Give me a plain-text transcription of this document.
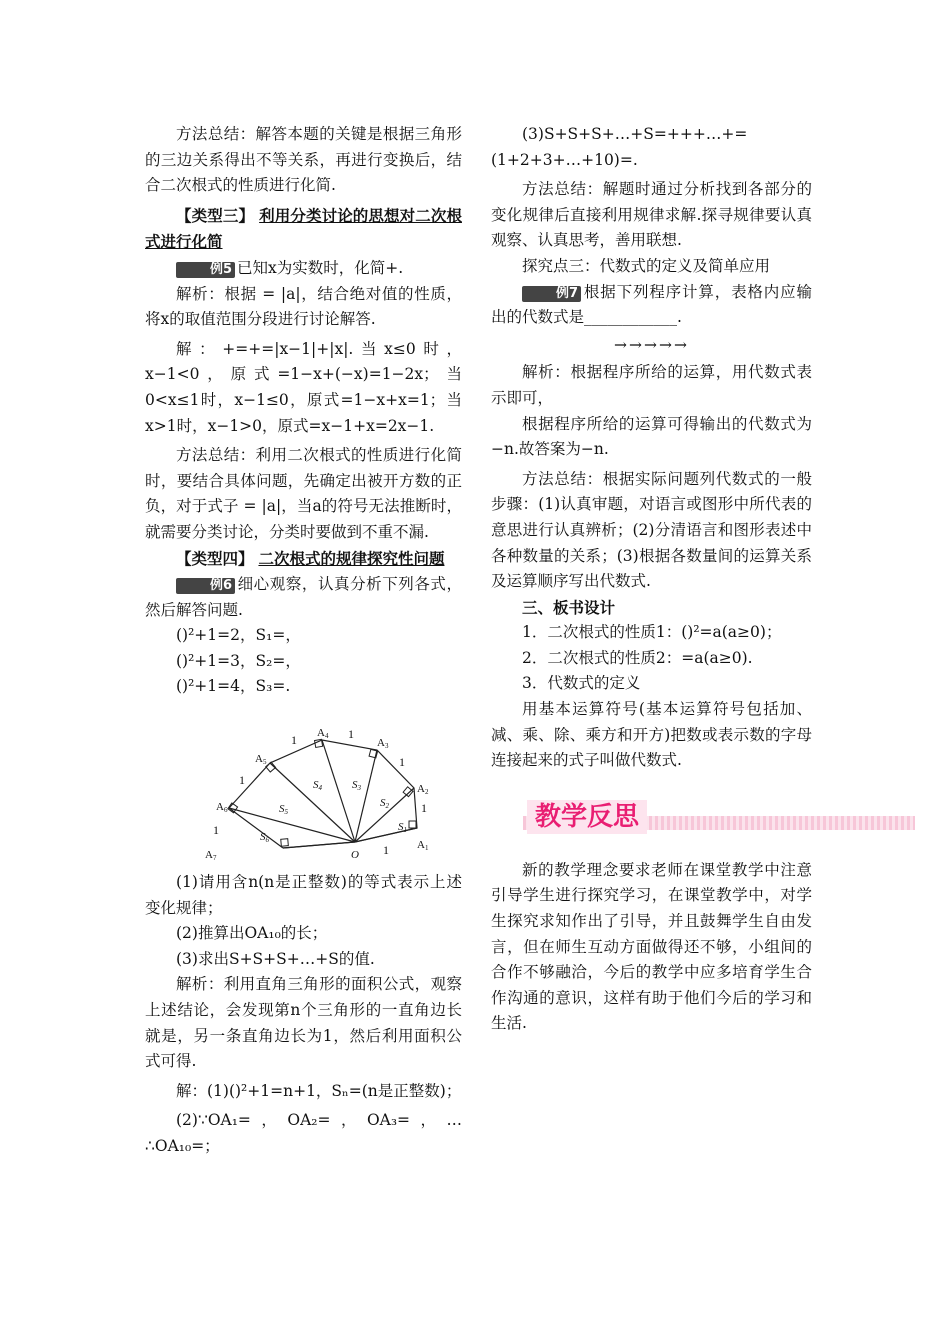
方法总结：解答本题的关键是根据三角形的三边关系得出不等关系，再进行变换后，结合二次根式的性质进行化简.

【类型三】 利用分类讨论的思想对二次根式进行化简

例5 已知x为实数时，化简+.

解析：根据 = |a|，结合绝对值的性质，将x的取值范围分段进行讨论解答.

解：+=+=|x−1|+|x|.当x≤0时，x−1<0，原式=1−x+(−x)=1−2x；当0<x≤1时，x−1≤0，原式=1−x+x=1；当x>1时，x−1>0，原式=x−1+x=2x−1.

方法总结：利用二次根式的性质进行化简时，要结合具体问题，先确定出被开方数的正负，对于式子 = |a|，当a的符号无法推断时，就需要分类讨论，分类时要做到不重不漏.

【类型四】 二次根式的规律探究性问题

例6 细心观察，认真分析下列各式，然后解答问题.

()²+1=2，S₁=，

()²+1=3，S₂=，

()²+1=4，S₃=.

A1
A2
A3
A4
A5
A6
A7	O
S1
S2
S3
S4
S5
S6
1
1
1
1
1
1
1

(1)请用含n(n是正整数)的等式表示上述变化规律；

(2)推算出OA₁₀的长；

(3)求出S+S+S+…+S的值.

解析：利用直角三角形的面积公式，观察上述结论，会发现第n个三角形的一直角边长就是，另一条直角边长为1，然后利用面积公式可得.

解：(1)()²+1=n+1，Sₙ=(n是正整数)；

(2)∵OA₁=，OA₂=，OA₃=，…∴OA₁₀=；

(3)S+S+S+…+S=+++…+=(1+2+3+…+10)=.

方法总结：解题时通过分析找到各部分的变化规律后直接利用规律求解.探寻规律要认真观察、认真思考，善用联想.

探究点三：代数式的定义及简单应用

例7 根据下列程序计算，表格内应输出的代数式是____________.

→→→→→

解析：根据程序所给的运算，用代数式表示即可，

根据程序所给的运算可得输出的代数式为−n.故答案为−n.

方法总结：根据实际问题列代数式的一般步骤：(1)认真审题，对语言或图形中所代表的意思进行认真辨析；(2)分清语言和图形表述中各种数量的关系；(3)根据各数量间的运算关系及运算顺序写出代数式.

三、板书设计

1．二次根式的性质1：()²=a(a≥0)；

2．二次根式的性质2：=a(a≥0).

3．代数式的定义

用基本运算符号(基本运算符号包括加、减、乘、除、乘方和开方)把数或表示数的字母连接起来的式子叫做代数式.

教学反思

新的教学理念要求老师在课堂教学中注意引导学生进行探究学习，在课堂教学中，对学生探究求知作出了引导，并且鼓舞学生自由发言，但在师生互动方面做得还不够，小组间的合作不够融洽，今后的教学中应多培育学生合作沟通的意识，这样有助于他们今后的学习和生活.
